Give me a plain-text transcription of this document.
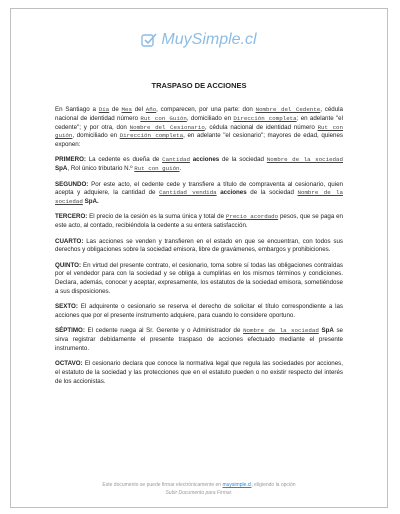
MuySimple.cl
TRASPASO DE ACCIONES

En Santiago a Día de Mes del Año, comparecen, por una parte: don Nombre del Cedente, cédula nacional de identidad número Rut con Guión, domiciliado en Dirección completa; en adelante "el cedente"; y por otra, don Nombre del Cesionario, cédula nacional de identidad número Rut con guión, domiciliado en Dirección completa, en adelante "el cesionario"; mayores de edad, quienes exponen:

PRIMERO: La cedente es dueña de Cantidad acciones de la sociedad Nombre de la sociedad SpA, Rol único tributario N.º Rut con guión.

SEGUNDO: Por este acto, el cedente cede y transfiere a título de compraventa al cesionario, quien acepta y adquiere, la cantidad de Cantidad vendida acciones de la sociedad Nombre de la sociedad SpA.

TERCERO: El precio de la cesión es la suma única y total de Precio acordado pesos, que se paga en este acto, al contado, recibiéndola la cedente a su entera satisfacción.

CUARTO: Las acciones se venden y transfieren en el estado en que se encuentran, con todos sus derechos y obligaciones sobre la sociedad emisora, libre de gravámenes, embargos y prohibiciones.

QUINTO: En virtud del presente contrato, el cesionario, toma sobre sí todas las obligaciones contraídas por el vendedor para con la sociedad y se obliga a cumplirlas en los mismos términos y condiciones. Declara, además, conocer y aceptar, expresamente, los estatutos de la sociedad emisora, sometiéndose a sus disposiciones.

SEXTO: El adquirente o cesionario se reserva el derecho de solicitar el título correspondiente a las acciones que por el presente instrumento adquiere, para cuando lo considere oportuno.

SÉPTIMO: El cedente ruega al Sr. Gerente y o Administrador de Nombre de la sociedad SpA se sirva registrar debidamente el presente traspaso de acciones efectuado mediante el presente instrumento.

OCTAVO: El cesionario declara que conoce la normativa legal que regula las sociedades por acciones, el estatuto de la sociedad y las protecciones que en el estatuto pueden o no existir respecto del interés de los accionistas.

Este documento se puede firmar electrónicamente en muysimple.cl, eligiendo la opción
Subir Documento para Firmar.
